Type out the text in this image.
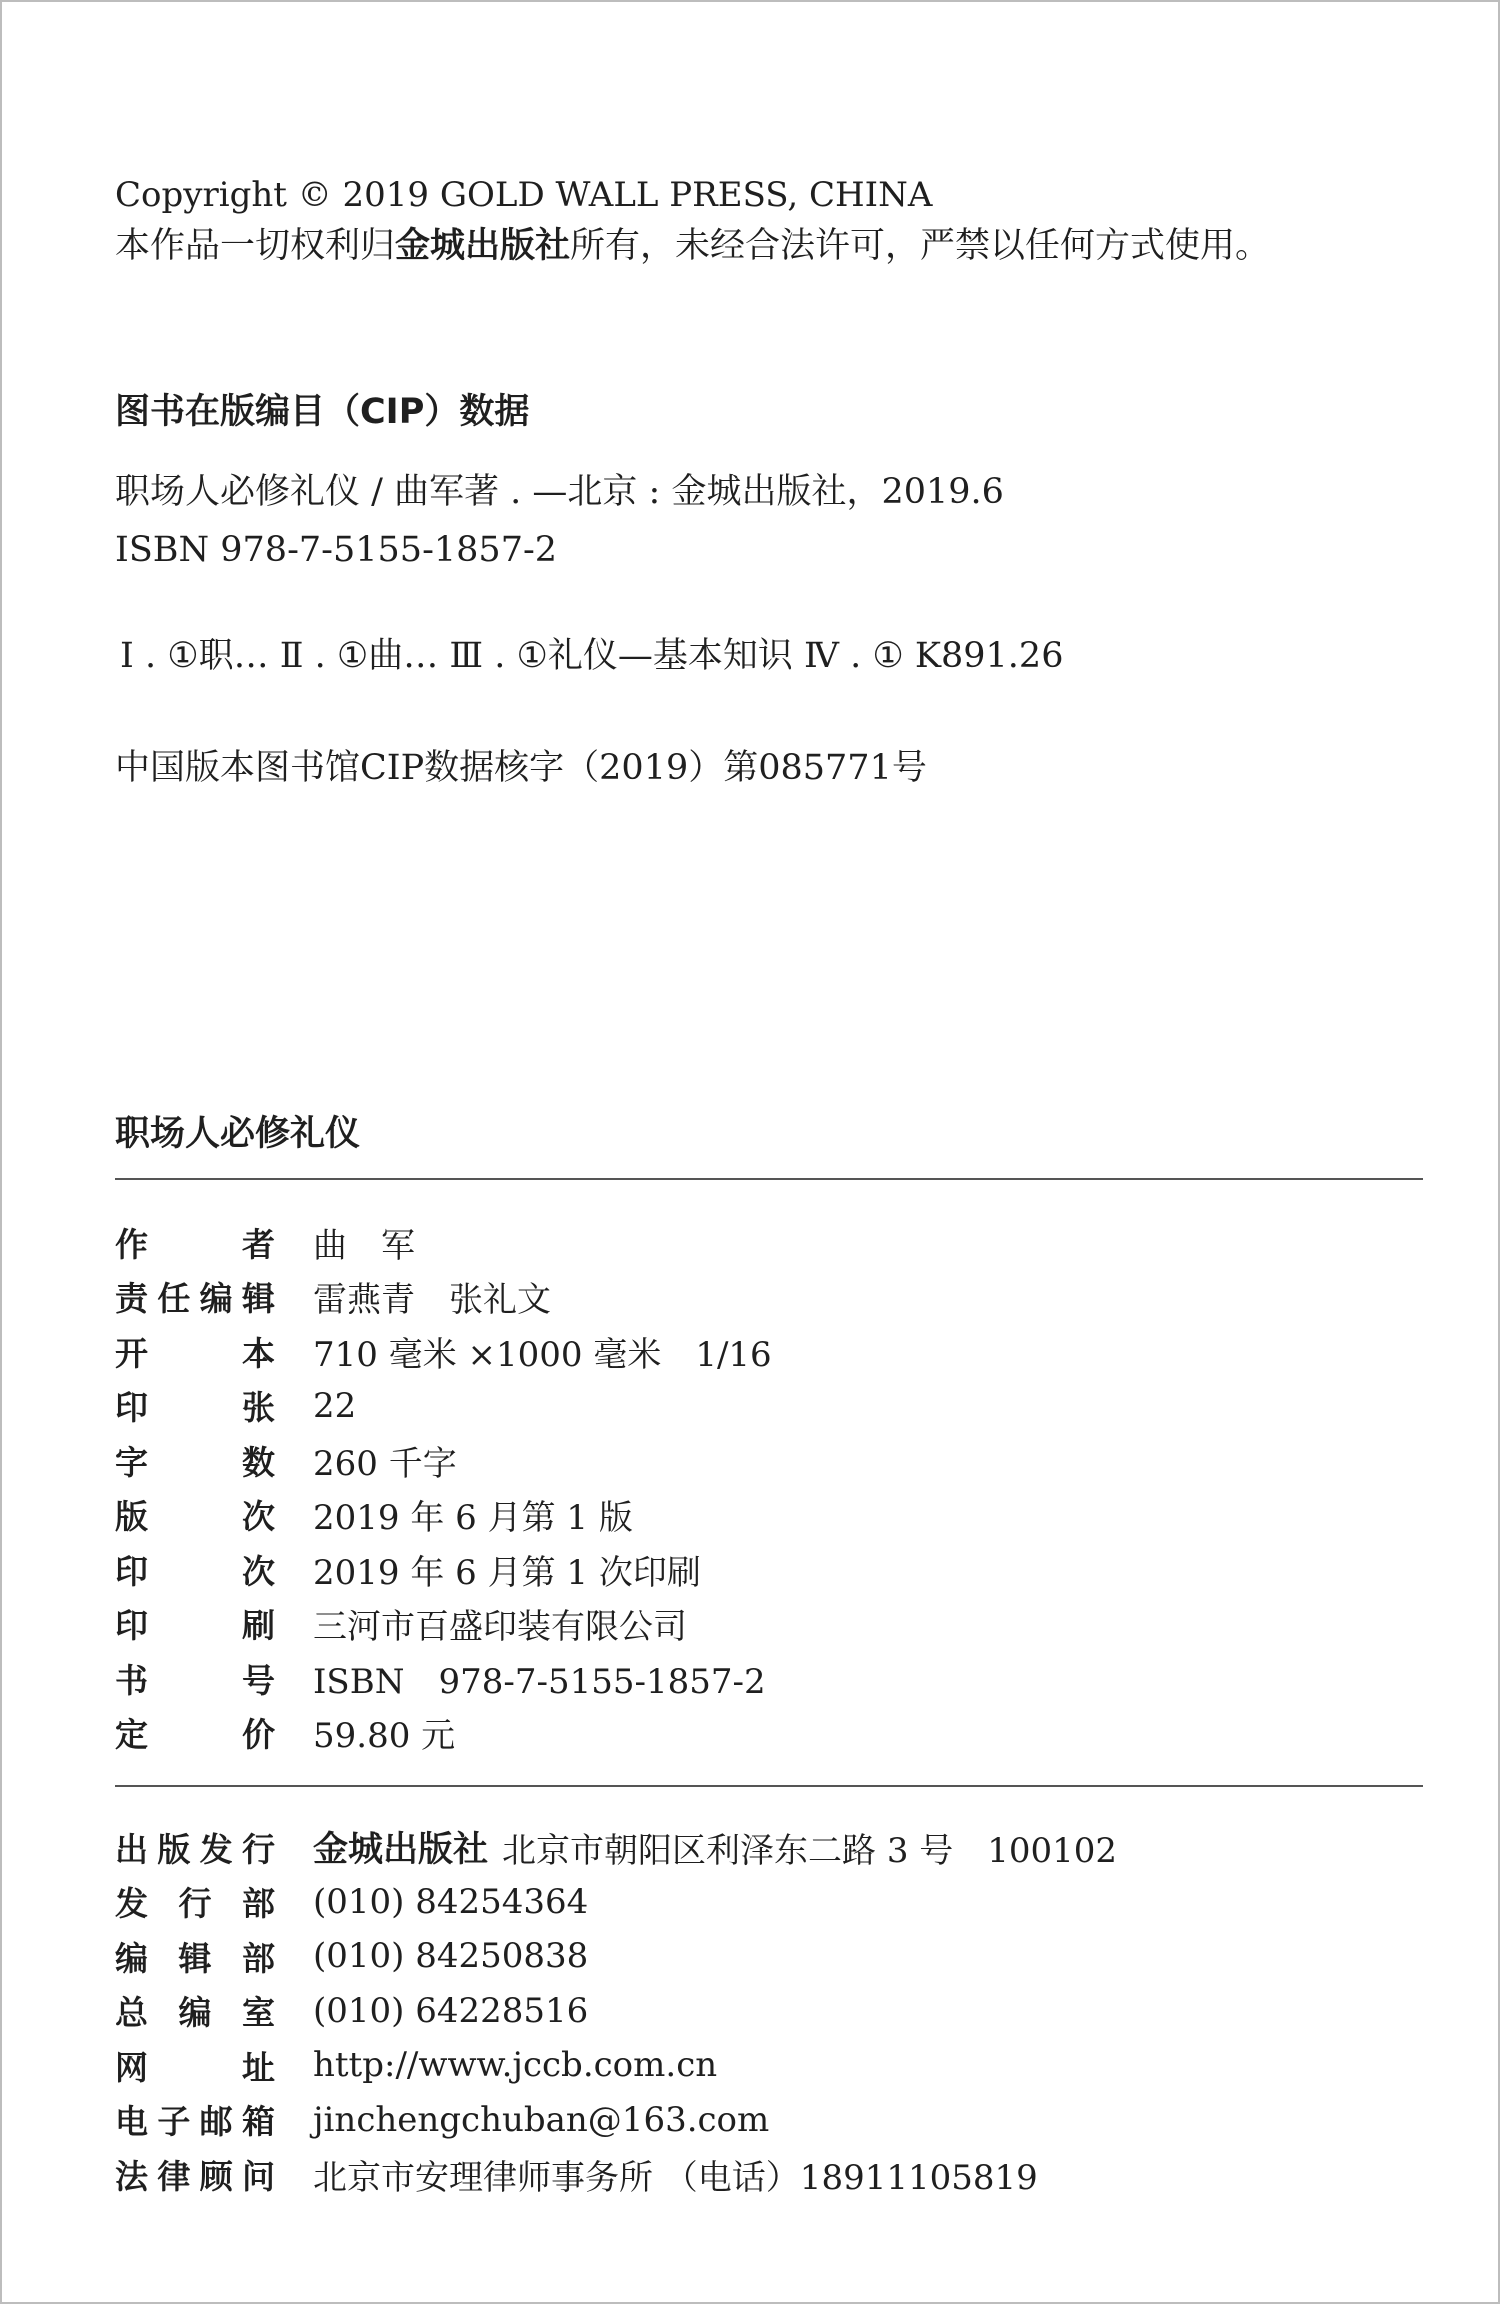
Copyright © 2019 GOLD WALL PRESS, CHINA
本作品一切权利归金城出版社所有，未经合法许可，严禁以任何方式使用。
图书在版编目（CIP）数据
职场人必修礼仪 / 曲军著 . —北京 : 金城出版社，2019.6
ISBN 978-7-5155-1857-2
Ⅰ . ①职… Ⅱ . ①曲… Ⅲ . ①礼仪—基本知识 Ⅳ . ① K891.26
中国版本图书馆CIP数据核字（2019）第085771号
职场人必修礼仪
作者 曲　军
责任编辑 雷燕青　张礼文
开本 710 毫米 ×1000 毫米　1/16
印张 22
字数 260 千字
版次 2019 年 6 月第 1 版
印次 2019 年 6 月第 1 次印刷
印刷 三河市百盛印装有限公司
书号 ISBN　978-7-5155-1857-2
定价 59.80 元
出版发行 金城出版社 北京市朝阳区利泽东二路 3 号　100102
发行部 (010) 84254364
编辑部 (010) 84250838
总编室 (010) 64228516
网址 http://www.jccb.com.cn
电子邮箱 jinchengchuban@163.com
法律顾问 北京市安理律师事务所 （电话）18911105819
